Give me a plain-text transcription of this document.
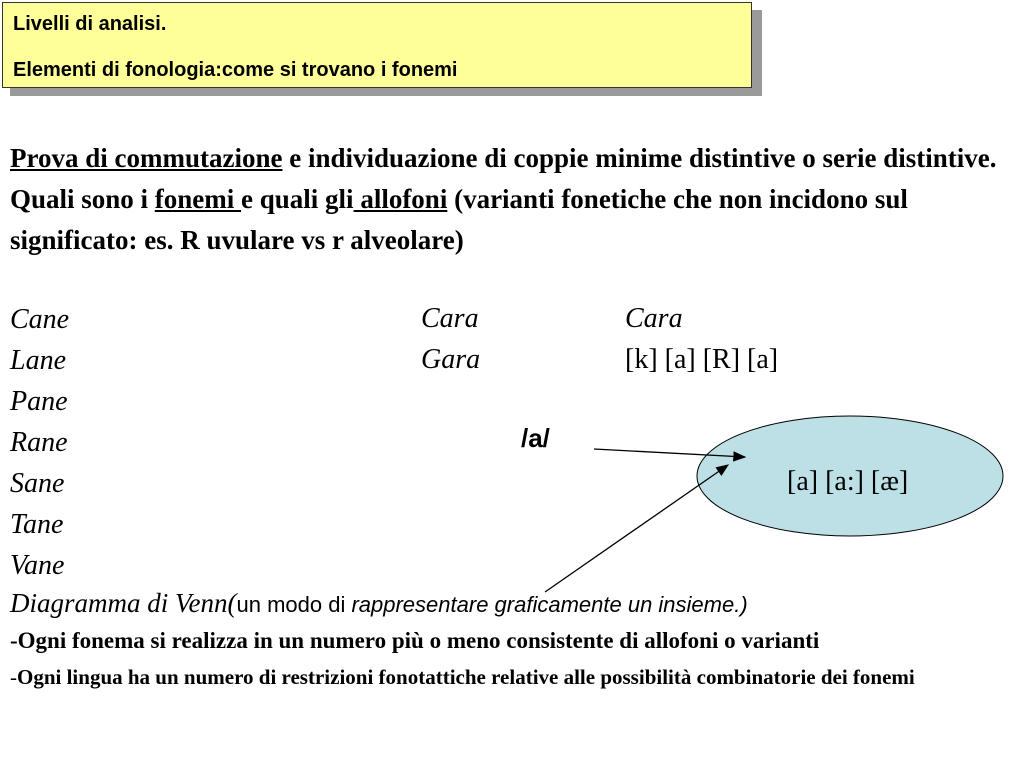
Livelli di analisi.
Elementi di fonologia:come si trovano i fonemi
Prova di commutazione e individuazione di coppie minime distintive o serie distintive. Quali sono i fonemi e quali gli allofoni (varianti fonetiche che non incidono sul significato: es. R uvulare vs r alveolare)
Cane
Lane
Pane
Rane
Sane
Tane
Vane
Cara
Gara
Cara
[k] [a] [R] [a]
/a/
[a] [a:] [æ]
Diagramma di Venn(un modo di rappresentare graficamente un insieme.)
-Ogni fonema si realizza in un numero più o meno consistente di allofoni o varianti
-Ogni lingua ha un numero di restrizioni fonotattiche relative alle possibilità combinatorie dei fonemi
